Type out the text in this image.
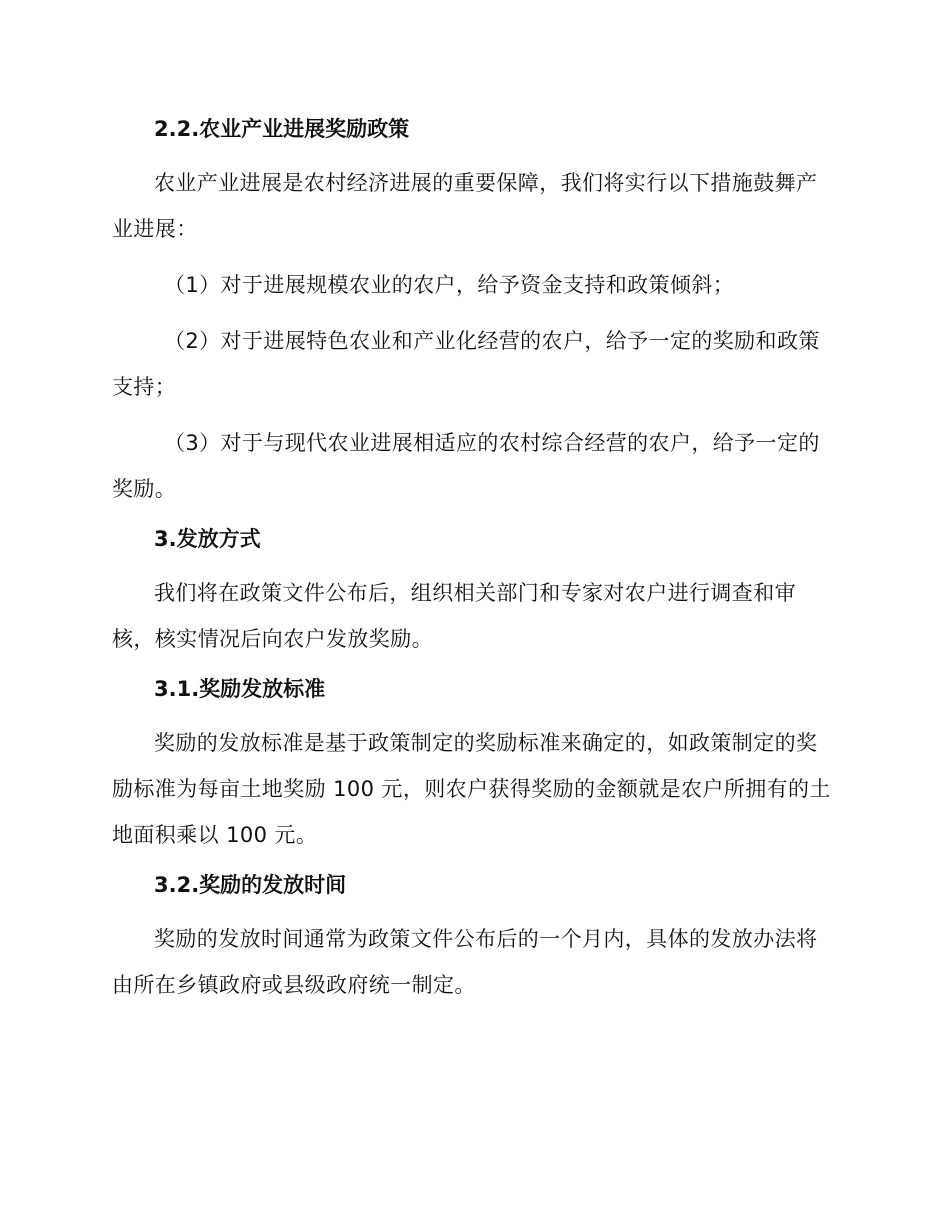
2.2.农业产业进展奖励政策

农业产业进展是农村经济进展的重要保障，我们将实行以下措施鼓舞产业进展：

（1）对于进展规模农业的农户，给予资金支持和政策倾斜；

（2）对于进展特色农业和产业化经营的农户，给予一定的奖励和政策支持；

（3）对于与现代农业进展相适应的农村综合经营的农户，给予一定的奖励。

3.发放方式

我们将在政策文件公布后，组织相关部门和专家对农户进行调查和审核，核实情况后向农户发放奖励。

3.1.奖励发放标准

奖励的发放标准是基于政策制定的奖励标准来确定的，如政策制定的奖励标准为每亩土地奖励 100 元，则农户获得奖励的金额就是农户所拥有的土地面积乘以 100 元。

3.2.奖励的发放时间

奖励的发放时间通常为政策文件公布后的一个月内，具体的发放办法将由所在乡镇政府或县级政府统一制定。
